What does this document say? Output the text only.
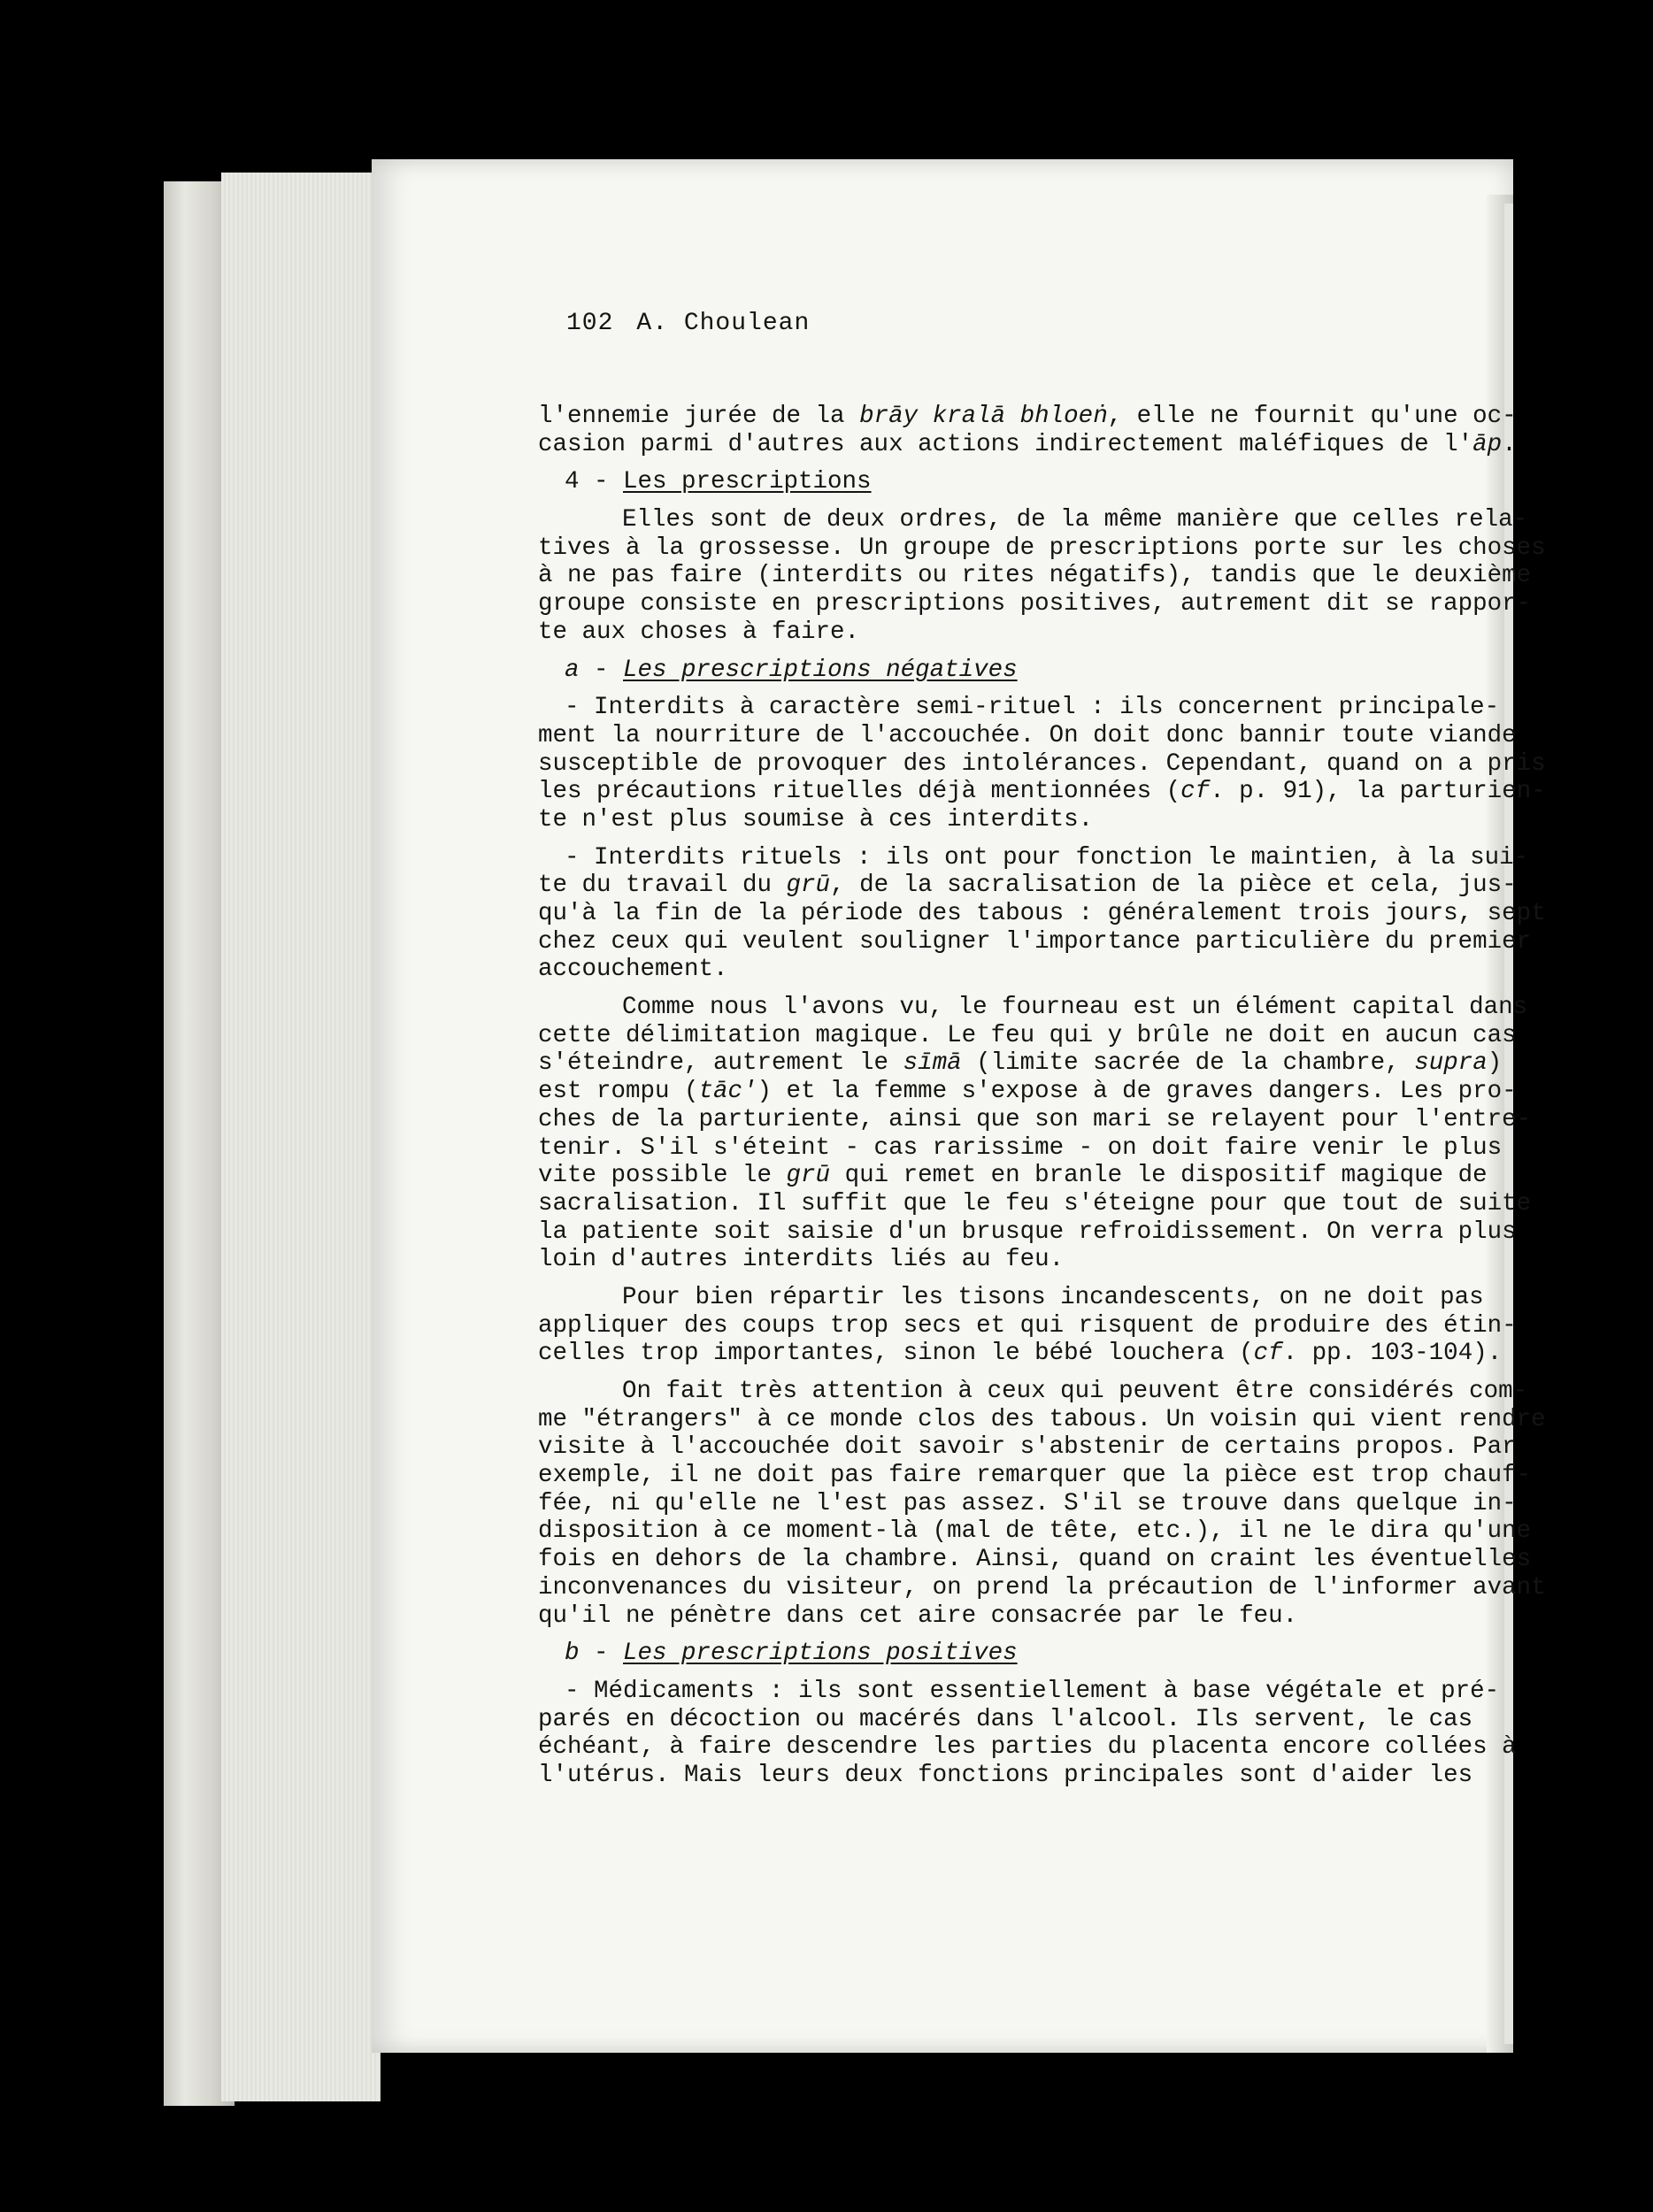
102 A. Choulean
l'ennemie jurée de la brāy kralā bhloeṅ, elle ne fournit qu'une oc-
casion parmi d'autres aux actions indirectement maléfiques de l'āp.
4 - Les prescriptions
Elles sont de deux ordres, de la même manière que celles rela-
tives à la grossesse. Un groupe de prescriptions porte sur les choses
à ne pas faire (interdits ou rites négatifs), tandis que le deuxième
groupe consiste en prescriptions positives, autrement dit se rappor-
te aux choses à faire.
a - Les prescriptions négatives
- Interdits à caractère semi-rituel : ils concernent principale-
ment la nourriture de l'accouchée. On doit donc bannir toute viande
susceptible de provoquer des intolérances. Cependant, quand on a pris
les précautions rituelles déjà mentionnées (cf. p. 91), la parturien-
te n'est plus soumise à ces interdits.
- Interdits rituels : ils ont pour fonction le maintien, à la sui-
te du travail du grū, de la sacralisation de la pièce et cela, jus-
qu'à la fin de la période des tabous : généralement trois jours, sept
chez ceux qui veulent souligner l'importance particulière du premier
accouchement.
Comme nous l'avons vu, le fourneau est un élément capital dans
cette délimitation magique. Le feu qui y brûle ne doit en aucun cas
s'éteindre, autrement le sīmā (limite sacrée de la chambre, supra)
est rompu (tāc') et la femme s'expose à de graves dangers. Les pro-
ches de la parturiente, ainsi que son mari se relayent pour l'entre-
tenir. S'il s'éteint - cas rarissime - on doit faire venir le plus
vite possible le grū qui remet en branle le dispositif magique de
sacralisation. Il suffit que le feu s'éteigne pour que tout de suite
la patiente soit saisie d'un brusque refroidissement. On verra plus
loin d'autres interdits liés au feu.
Pour bien répartir les tisons incandescents, on ne doit pas
appliquer des coups trop secs et qui risquent de produire des étin-
celles trop importantes, sinon le bébé louchera (cf. pp. 103-104).
On fait très attention à ceux qui peuvent être considérés com-
me "étrangers" à ce monde clos des tabous. Un voisin qui vient rendre
visite à l'accouchée doit savoir s'abstenir de certains propos. Par
exemple, il ne doit pas faire remarquer que la pièce est trop chauf-
fée, ni qu'elle ne l'est pas assez. S'il se trouve dans quelque in-
disposition à ce moment-là (mal de tête, etc.), il ne le dira qu'une
fois en dehors de la chambre. Ainsi, quand on craint les éventuelles
inconvenances du visiteur, on prend la précaution de l'informer avant
qu'il ne pénètre dans cet aire consacrée par le feu.
b - Les prescriptions positives
- Médicaments : ils sont essentiellement à base végétale et pré-
parés en décoction ou macérés dans l'alcool. Ils servent, le cas
échéant, à faire descendre les parties du placenta encore collées à
l'utérus. Mais leurs deux fonctions principales sont d'aider les
